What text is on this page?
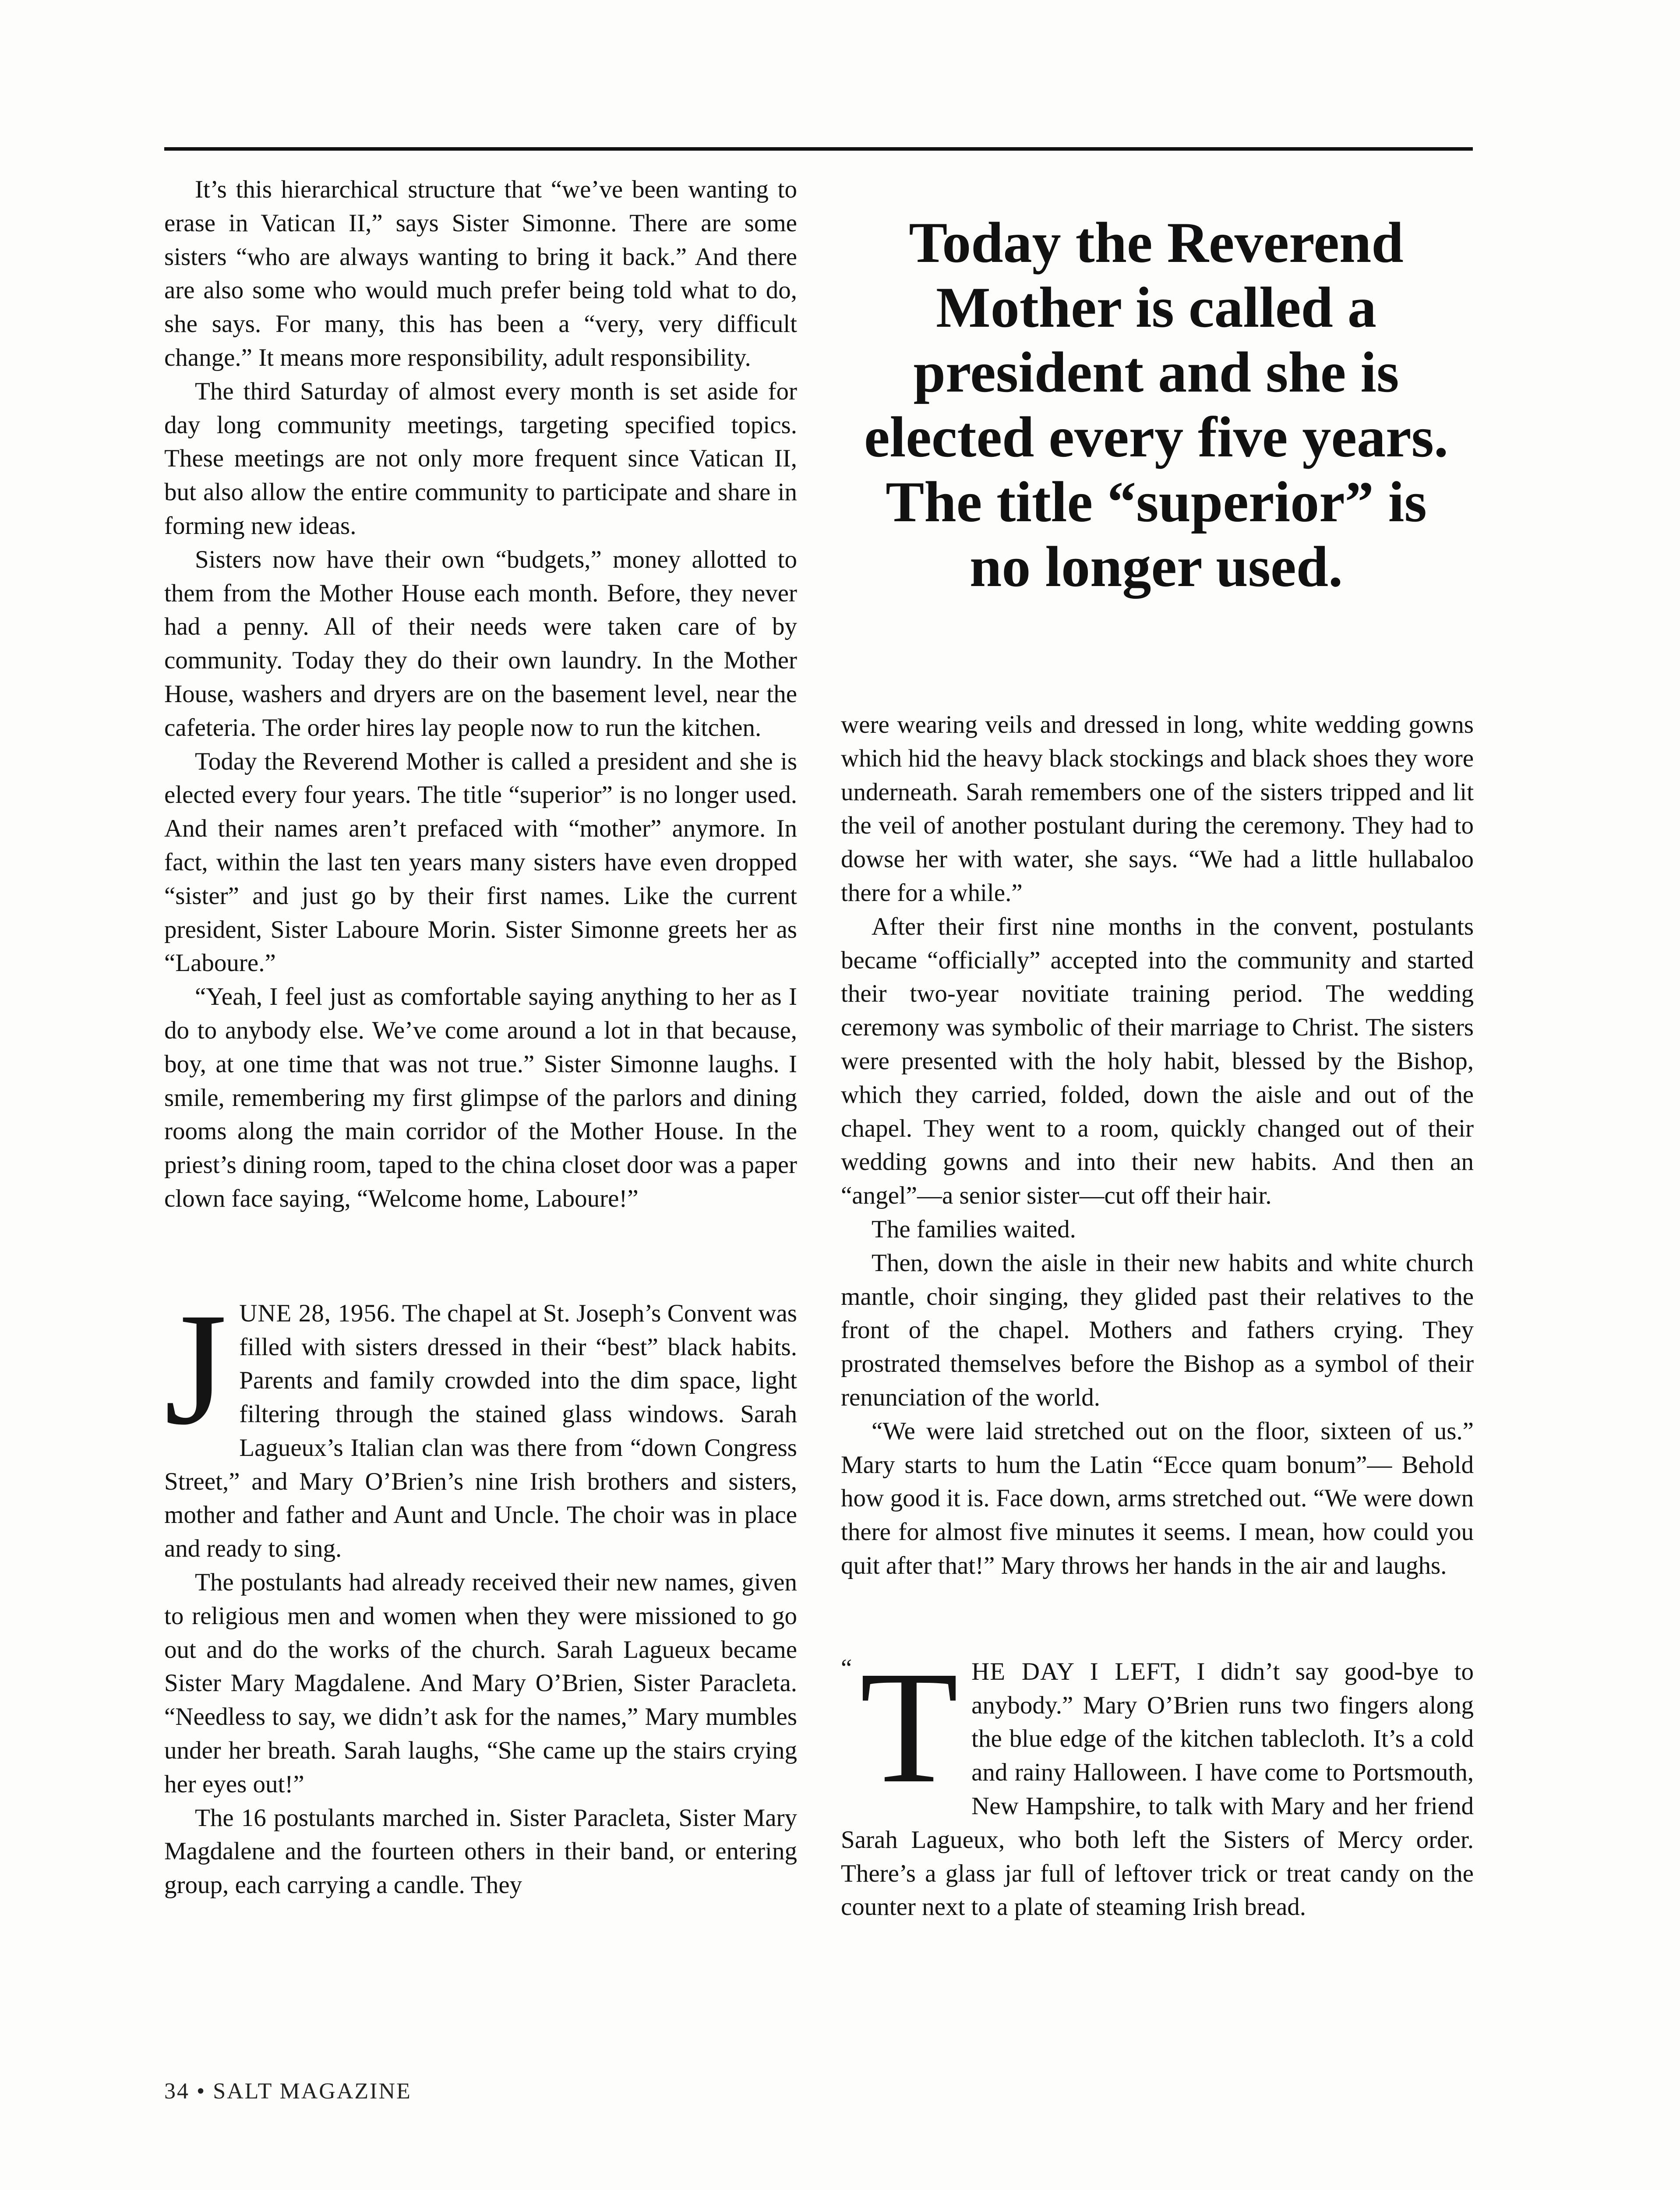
It’s this hierarchical structure that “we’ve been wanting to erase in Vatican II,” says Sister Simonne. There are some sisters “who are always wanting to bring it back.” And there are also some who would much prefer being told what to do, she says. For many, this has been a “very, very difficult change.” It means more responsibility, adult responsibility.

The third Saturday of almost every month is set aside for day long community meetings, targeting specified topics. These meetings are not only more frequent since Vatican II, but also allow the entire community to participate and share in forming new ideas.

Sisters now have their own “budgets,” money allotted to them from the Mother House each month. Before, they never had a penny. All of their needs were taken care of by community. Today they do their own laundry. In the Mother House, washers and dryers are on the basement level, near the cafeteria. The order hires lay people now to run the kitchen.

Today the Reverend Mother is called a president and she is elected every four years. The title “superior” is no longer used. And their names aren’t prefaced with “mother” anymore. In fact, within the last ten years many sisters have even dropped “sister” and just go by their first names. Like the current president, Sister Laboure Morin. Sister Simonne greets her as “Laboure.”

“Yeah, I feel just as comfortable saying anything to her as I do to anybody else. We’ve come around a lot in that because, boy, at one time that was not true.” Sister Simonne laughs. I smile, remembering my first glimpse of the parlors and dining rooms along the main corridor of the Mother House. In the priest’s dining room, taped to the china closet door was a paper clown face saying, “Welcome home, Laboure!”

JUNE 28, 1956. The chapel at St. Joseph’s Convent was filled with sisters dressed in their “best” black habits. Parents and family crowded into the dim space, light filtering through the stained glass windows. Sarah Lagueux’s Italian clan was there from “down Congress Street,” and Mary O’Brien’s nine Irish brothers and sisters, mother and father and Aunt and Uncle. The choir was in place and ready to sing.

The postulants had already received their new names, given to religious men and women when they were missioned to go out and do the works of the church. Sarah Lagueux became Sister Mary Magdalene. And Mary O’Brien, Sister Paracleta. “Needless to say, we didn’t ask for the names,” Mary mumbles under her breath. Sarah laughs, “She came up the stairs crying her eyes out!”

The 16 postulants marched in. Sister Paracleta, Sister Mary Magdalene and the fourteen others in their band, or entering group, each carrying a candle. They

Today the Reverend Mother is called a president and she is elected every five years. The title “superior” is no longer used.

were wearing veils and dressed in long, white wedding gowns which hid the heavy black stockings and black shoes they wore underneath. Sarah remembers one of the sisters tripped and lit the veil of another postulant during the ceremony. They had to dowse her with water, she says. “We had a little hullabaloo there for a while.”

After their first nine months in the convent, postulants became “officially” accepted into the community and started their two-year novitiate training period. The wedding ceremony was symbolic of their marriage to Christ. The sisters were presented with the holy habit, blessed by the Bishop, which they carried, folded, down the aisle and out of the chapel. They went to a room, quickly changed out of their wedding gowns and into their new habits. And then an “angel”—a senior sister—cut off their hair.

The families waited.

Then, down the aisle in their new habits and white church mantle, choir singing, they glided past their relatives to the front of the chapel. Mothers and fathers crying. They prostrated themselves before the Bishop as a symbol of their renunciation of the world.

“We were laid stretched out on the floor, sixteen of us.” Mary starts to hum the Latin “Ecce quam bonum”— Behold how good it is. Face down, arms stretched out. “We were down there for almost five minutes it seems. I mean, how could you quit after that!” Mary throws her hands in the air and laughs.

“ T HE DAY I LEFT, I didn’t say good-bye to anybody.” Mary O’Brien runs two fingers along the blue edge of the kitchen tablecloth. It’s a cold and rainy Halloween. I have come to Portsmouth, New Hampshire, to talk with Mary and her friend Sarah Lagueux, who both left the Sisters of Mercy order. There’s a glass jar full of leftover trick or treat candy on the counter next to a plate of steaming Irish bread.

34 • SALT MAGAZINE
